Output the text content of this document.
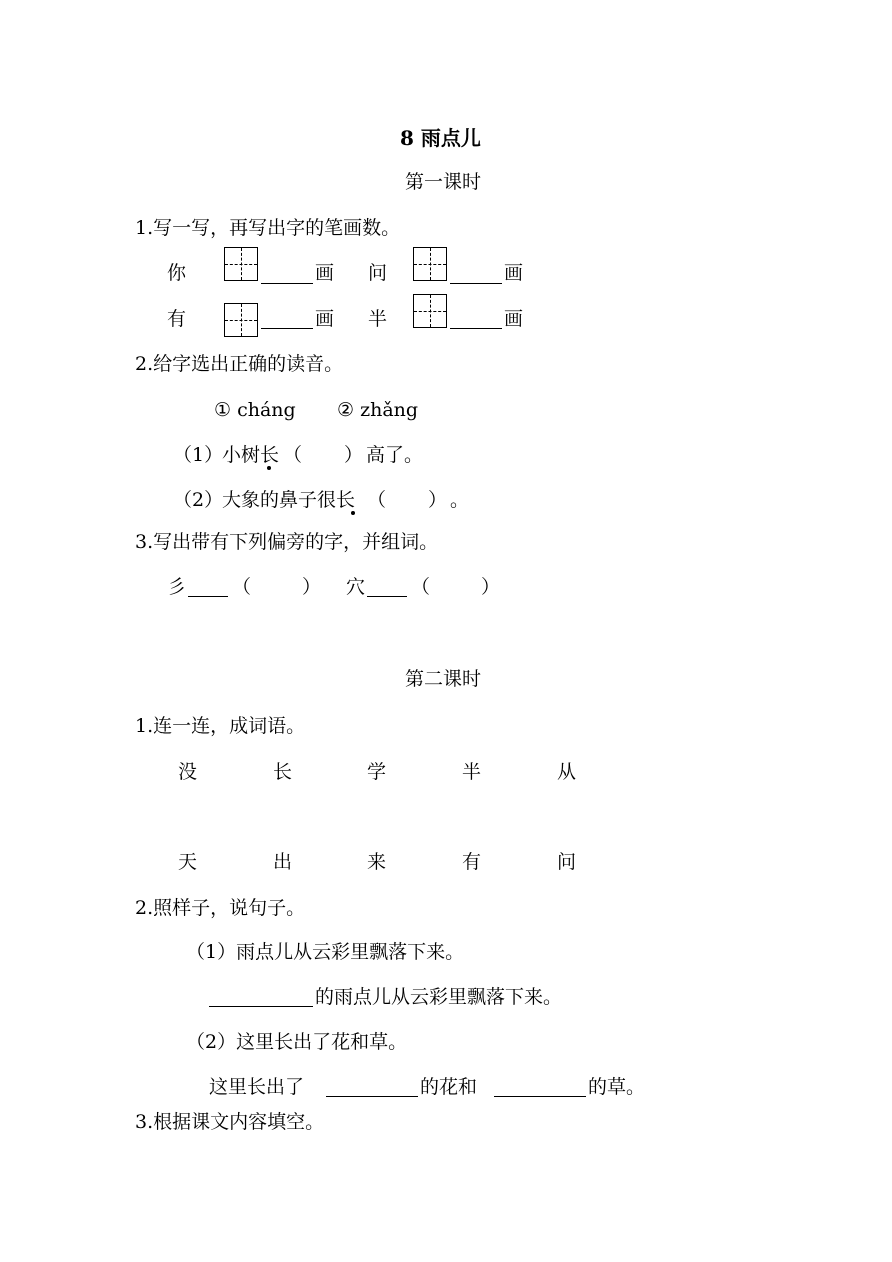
8 雨点儿
第一课时
1.写一写，再写出字的笔画数。
你	画 问	画
有	画 半	画
2.给字选出正确的读音。
① cháng ② zhǎng
（1）
小树长 （ ） 高了。
（2）
大象的鼻子很长 （ ） 。
3.写出带有下列偏旁的字，并组词。
彡 （	） 穴 （	）
第二课时
1.连一连，成词语。
没	长	学	半	从
天	出	来	有	问
2.照样子，说句子。
（1）雨点儿从云彩里飘落下来。
的雨点儿从云彩里飘落下来。
（2）这里长出了花和草。
这里长出了	的花和	的草。
3.根据课文内容填空。
